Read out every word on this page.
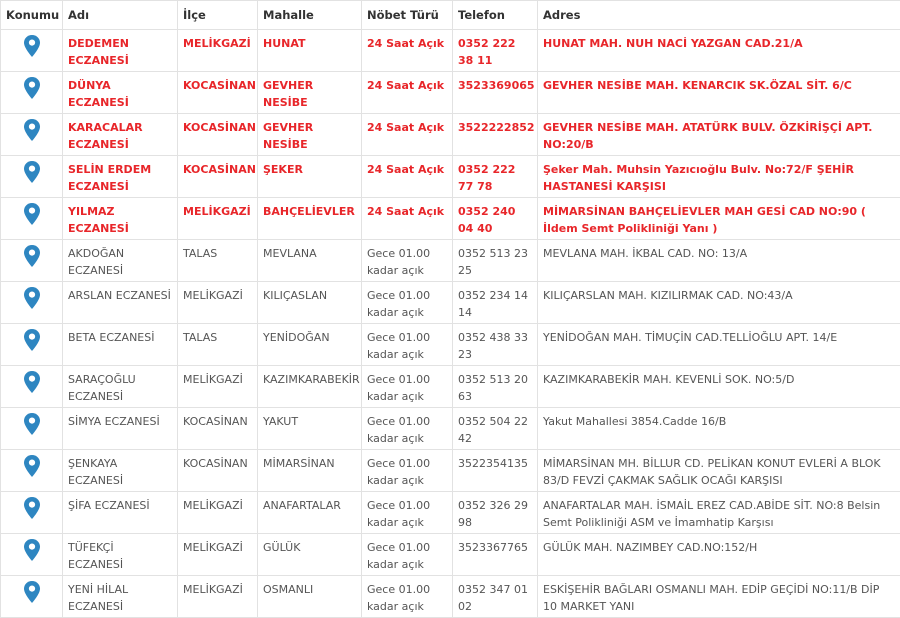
Konumu	Adı	İlçe	Mahalle	Nöbet Türü	Telefon	Adres
	DEDEMEN ECZANESİ	MELİKGAZİ	HUNAT	24 Saat Açık	0352 222 38 11	HUNAT MAH. NUH NACİ YAZGAN CAD.21/A
	DÜNYA ECZANESİ	KOCASİNAN	GEVHER NESİBE	24 Saat Açık	3523369065	GEVHER NESİBE MAH. KENARCIK SK.ÖZAL SİT. 6/C
	KARACALAR ECZANESİ	KOCASİNAN	GEVHER NESİBE	24 Saat Açık	3522222852	GEVHER NESİBE MAH. ATATÜRK BULV. ÖZKİRİŞÇİ APT. NO:20/B
	SELİN ERDEM ECZANESİ	KOCASİNAN	ŞEKER	24 Saat Açık	0352 222 77 78	Şeker Mah. Muhsin Yazıcıoğlu Bulv. No:72/F ŞEHİR HASTANESİ KARŞISI
	YILMAZ ECZANESİ	MELİKGAZİ	BAHÇELİEVLER	24 Saat Açık	0352 240 04 40	MİMARSİNAN BAHÇELİEVLER MAH GESİ CAD NO:90 ( İldem Semt Polikliniği Yanı )
	AKDOĞAN ECZANESİ	TALAS	MEVLANA	Gece 01.00 kadar açık	0352 513 23 25	MEVLANA MAH. İKBAL CAD. NO: 13/A
	ARSLAN ECZANESİ	MELİKGAZİ	KILIÇASLAN	Gece 01.00 kadar açık	0352 234 14 14	KILIÇARSLAN MAH. KIZILIRMAK CAD. NO:43/A
	BETA ECZANESİ	TALAS	YENİDOĞAN	Gece 01.00 kadar açık	0352 438 33 23	YENİDOĞAN MAH. TİMUÇİN CAD.TELLİOĞLU APT. 14/E
	SARAÇOĞLU ECZANESİ	MELİKGAZİ	KAZIMKARABEKİR	Gece 01.00 kadar açık	0352 513 20 63	KAZIMKARABEKİR MAH. KEVENLİ SOK. NO:5/D
	SİMYA ECZANESİ	KOCASİNAN	YAKUT	Gece 01.00 kadar açık	0352 504 22 42	Yakut Mahallesi 3854.Cadde 16/B
	ŞENKAYA ECZANESİ	KOCASİNAN	MİMARSİNAN	Gece 01.00 kadar açık	3522354135	MİMARSİNAN MH. BİLLUR CD. PELİKAN KONUT EVLERİ A BLOK 83/D FEVZİ ÇAKMAK SAĞLIK OCAĞI KARŞISI
	ŞİFA ECZANESİ	MELİKGAZİ	ANAFARTALAR	Gece 01.00 kadar açık	0352 326 29 98	ANAFARTALAR MAH. İSMAİL EREZ CAD.ABİDE SİT. NO:8 Belsin Semt Polikliniği ASM ve İmamhatip Karşısı
	TÜFEKÇİ ECZANESİ	MELİKGAZİ	GÜLÜK	Gece 01.00 kadar açık	3523367765	GÜLÜK MAH. NAZIMBEY CAD.NO:152/H
	YENİ HİLAL ECZANESİ	MELİKGAZİ	OSMANLI	Gece 01.00 kadar açık	0352 347 01 02	ESKİŞEHİR BAĞLARI OSMANLI MAH. EDİP GEÇİDİ NO:11/B DİP 10 MARKET YANI
